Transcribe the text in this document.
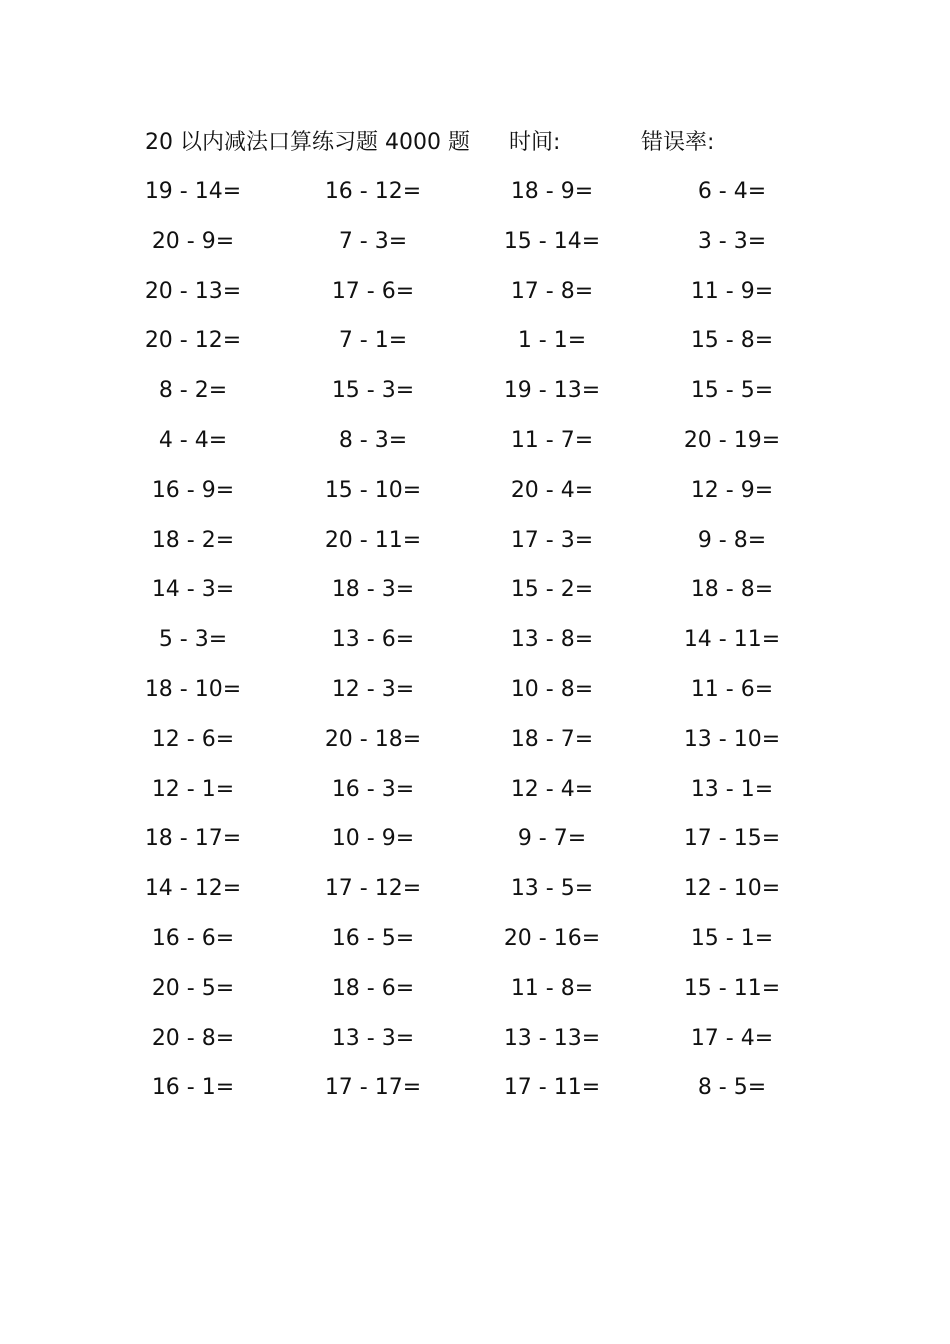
20 以内减法口算练习题 4000 题 时间:	错误率:
19 - 14=	16 - 12=	18 - 9=	6 - 4=
20 - 9=	7 - 3=	15 - 14=	3 - 3=
20 - 13=	17 - 6=	17 - 8=	11 - 9=
20 - 12=	7 - 1=	1 - 1=	15 - 8=
8 - 2=	15 - 3=	19 - 13=	15 - 5=
4 - 4=	8 - 3=	11 - 7=	20 - 19=
16 - 9=	15 - 10=	20 - 4=	12 - 9=
18 - 2=	20 - 11=	17 - 3=	9 - 8=
14 - 3=	18 - 3=	15 - 2=	18 - 8=
5 - 3=	13 - 6=	13 - 8=	14 - 11=
18 - 10=	12 - 3=	10 - 8=	11 - 6=
12 - 6=	20 - 18=	18 - 7=	13 - 10=
12 - 1=	16 - 3=	12 - 4=	13 - 1=
18 - 17=	10 - 9=	9 - 7=	17 - 15=
14 - 12=	17 - 12=	13 - 5=	12 - 10=
16 - 6=	16 - 5=	20 - 16=	15 - 1=
20 - 5=	18 - 6=	11 - 8=	15 - 11=
20 - 8=	13 - 3=	13 - 13=	17 - 4=
16 - 1=	17 - 17=	17 - 11=	8 - 5=
